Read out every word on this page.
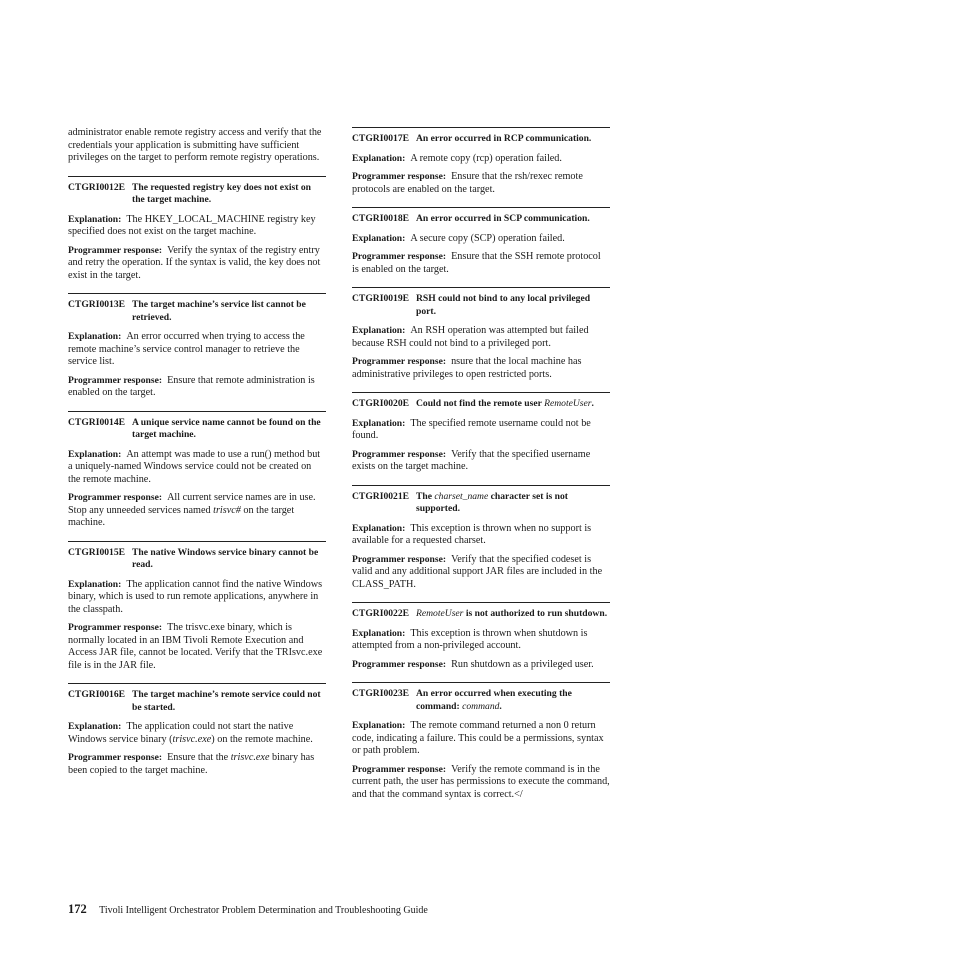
administrator enable remote registry access and verify that the credentials your application is submitting have sufficient privileges on the target to perform remote registry operations.

CTGRI0012E The requested registry key does not exist on the target machine.

Explanation: The HKEY_LOCAL_MACHINE registry key specified does not exist on the target machine.

Programmer response: Verify the syntax of the registry entry and retry the operation. If the syntax is valid, the key does not exist in the target.

CTGRI0013E The target machine’s service list cannot be retrieved.

Explanation: An error occurred when trying to access the remote machine’s service control manager to retrieve the service list.

Programmer response: Ensure that remote administration is enabled on the target.

CTGRI0014E A unique service name cannot be found on the target machine.

Explanation: An attempt was made to use a run() method but a uniquely-named Windows service could not be created on the remote machine.

Programmer response: All current service names are in use. Stop any unneeded services named trisvc# on the target machine.

CTGRI0015E The native Windows service binary cannot be read.

Explanation: The application cannot find the native Windows binary, which is used to run remote applications, anywhere in the classpath.

Programmer response: The trisvc.exe binary, which is normally located in an IBM Tivoli Remote Execution and Access JAR file, cannot be located. Verify that the TRIsvc.exe file is in the JAR file.

CTGRI0016E The target machine’s remote service could not be started.

Explanation: The application could not start the native Windows service binary (trisvc.exe) on the remote machine.

Programmer response: Ensure that the trisvc.exe binary has been copied to the target machine.

CTGRI0017E An error occurred in RCP communication.

Explanation: A remote copy (rcp) operation failed.

Programmer response: Ensure that the rsh/rexec remote protocols are enabled on the target.

CTGRI0018E An error occurred in SCP communication.

Explanation: A secure copy (SCP) operation failed.

Programmer response: Ensure that the SSH remote protocol is enabled on the target.

CTGRI0019E RSH could not bind to any local privileged port.

Explanation: An RSH operation was attempted but failed because RSH could not bind to a privileged port.

Programmer response: nsure that the local machine has administrative privileges to open restricted ports.

CTGRI0020E Could not find the remote user RemoteUser.

Explanation: The specified remote username could not be found.

Programmer response: Verify that the specified username exists on the target machine.

CTGRI0021E The charset_name character set is not supported.

Explanation: This exception is thrown when no support is available for a requested charset.

Programmer response: Verify that the specified codeset is valid and any additional support JAR files are included in the CLASS_PATH.

CTGRI0022E RemoteUser is not authorized to run shutdown.

Explanation: This exception is thrown when shutdown is attempted from a non-privileged account.

Programmer response: Run shutdown as a privileged user.

CTGRI0023E An error occurred when executing the command: command.

Explanation: The remote command returned a non 0 return code, indicating a failure. This could be a permissions, syntax or path problem.

Programmer response: Verify the remote command is in the current path, the user has permissions to execute the command, and that the command syntax is correct.</

172 Tivoli Intelligent Orchestrator Problem Determination and Troubleshooting Guide
